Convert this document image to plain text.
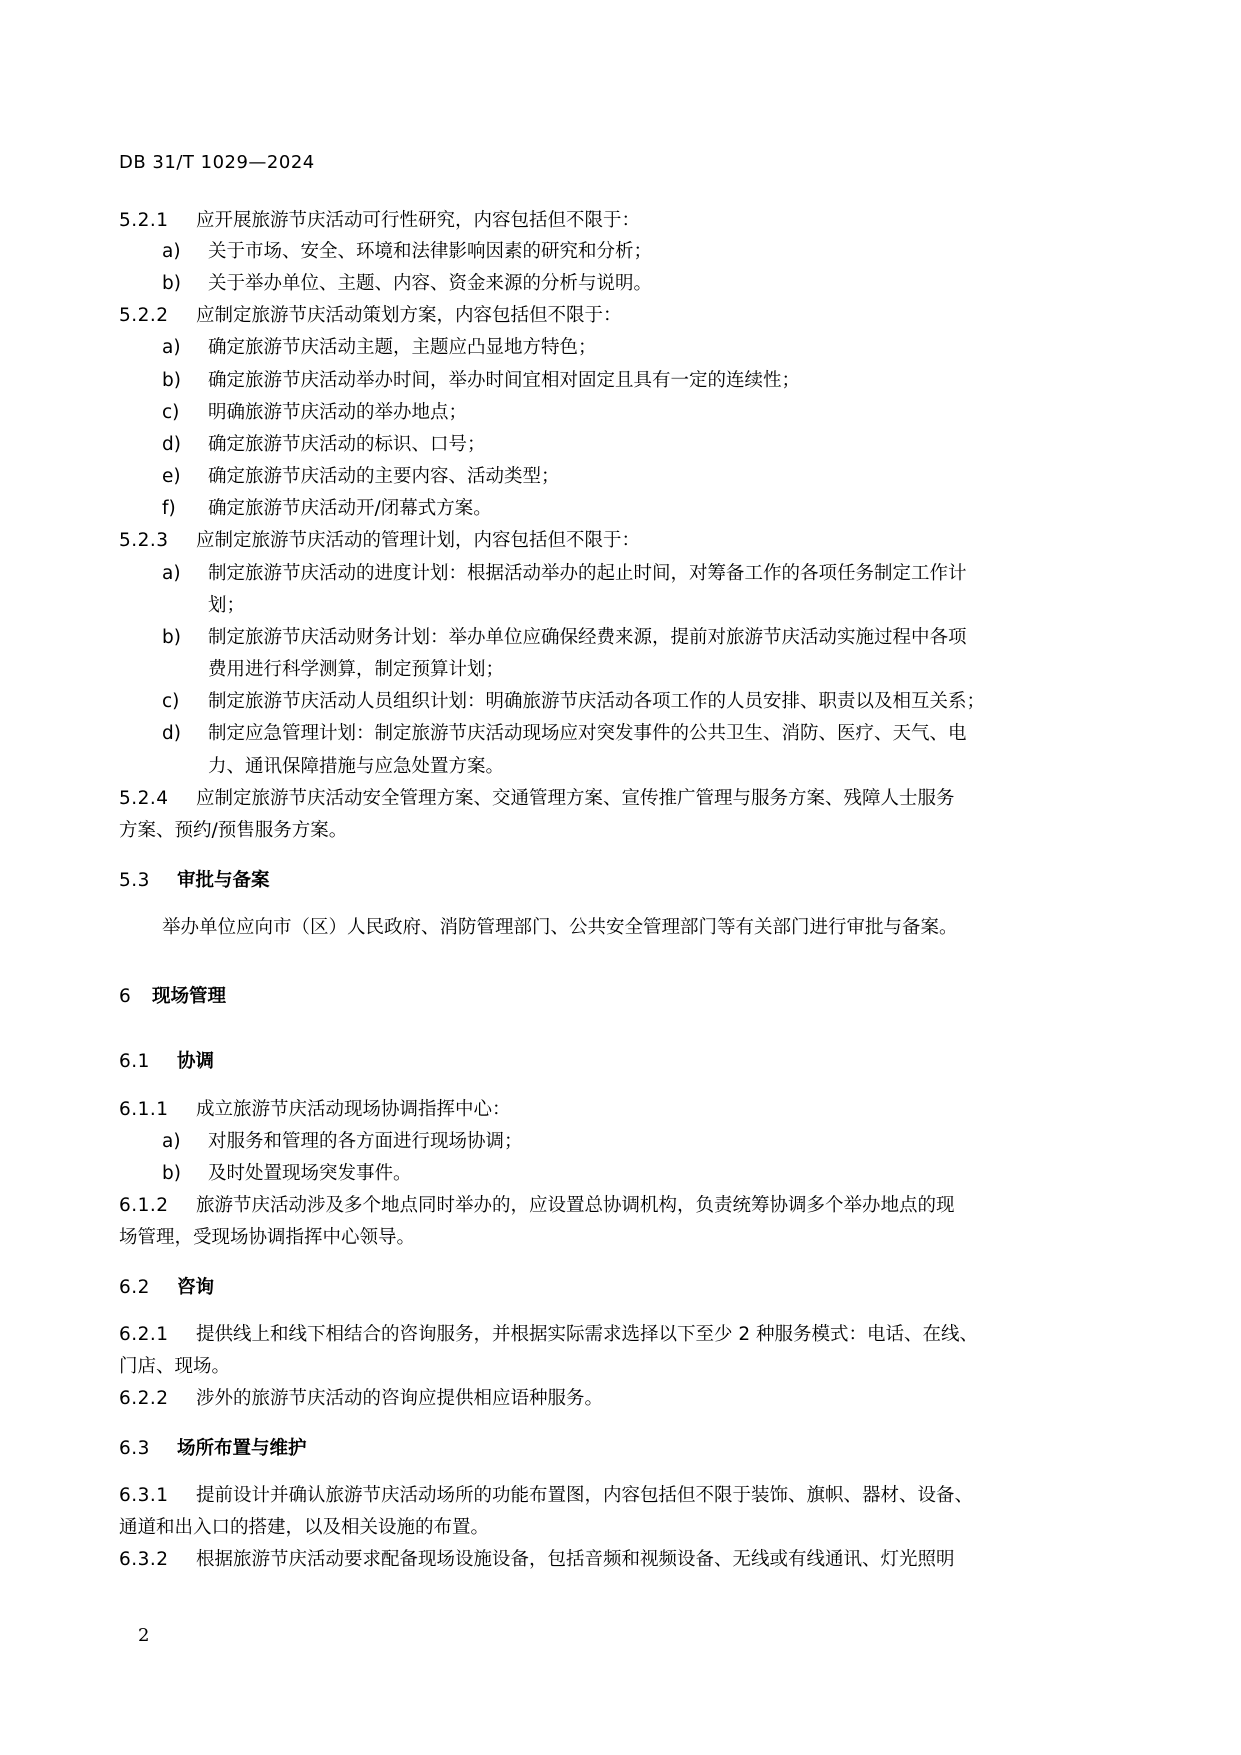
DB 31/T 1029—2024
5.2.1 应开展旅游节庆活动可行性研究，内容包括但不限于：
a) 关于市场、安全、环境和法律影响因素的研究和分析；
b) 关于举办单位、主题、内容、资金来源的分析与说明。
5.2.2 应制定旅游节庆活动策划方案，内容包括但不限于：
a) 确定旅游节庆活动主题，主题应凸显地方特色；
b) 确定旅游节庆活动举办时间，举办时间宜相对固定且具有一定的连续性；
c) 明确旅游节庆活动的举办地点；
d) 确定旅游节庆活动的标识、口号；
e) 确定旅游节庆活动的主要内容、活动类型；
f) 确定旅游节庆活动开/闭幕式方案。
5.2.3 应制定旅游节庆活动的管理计划，内容包括但不限于：
a) 制定旅游节庆活动的进度计划：根据活动举办的起止时间，对筹备工作的各项任务制定工作计
划；
b) 制定旅游节庆活动财务计划：举办单位应确保经费来源，提前对旅游节庆活动实施过程中各项
费用进行科学测算，制定预算计划；
c) 制定旅游节庆活动人员组织计划：明确旅游节庆活动各项工作的人员安排、职责以及相互关系；
d) 制定应急管理计划：制定旅游节庆活动现场应对突发事件的公共卫生、消防、医疗、天气、电
力、通讯保障措施与应急处置方案。
5.2.4 应制定旅游节庆活动安全管理方案、交通管理方案、宣传推广管理与服务方案、残障人士服务
方案、预约/预售服务方案。
5.3 审批与备案
举办单位应向市（区）人民政府、消防管理部门、公共安全管理部门等有关部门进行审批与备案。
6 现场管理
6.1 协调
6.1.1 成立旅游节庆活动现场协调指挥中心：
a) 对服务和管理的各方面进行现场协调；
b) 及时处置现场突发事件。
6.1.2 旅游节庆活动涉及多个地点同时举办的，应设置总协调机构，负责统筹协调多个举办地点的现
场管理，受现场协调指挥中心领导。
6.2 咨询
6.2.1 提供线上和线下相结合的咨询服务，并根据实际需求选择以下至少 2 种服务模式：电话、在线、
门店、现场。
6.2.2 涉外的旅游节庆活动的咨询应提供相应语种服务。
6.3 场所布置与维护
6.3.1 提前设计并确认旅游节庆活动场所的功能布置图，内容包括但不限于装饰、旗帜、器材、设备、
通道和出入口的搭建，以及相关设施的布置。
6.3.2 根据旅游节庆活动要求配备现场设施设备，包括音频和视频设备、无线或有线通讯、灯光照明
2
